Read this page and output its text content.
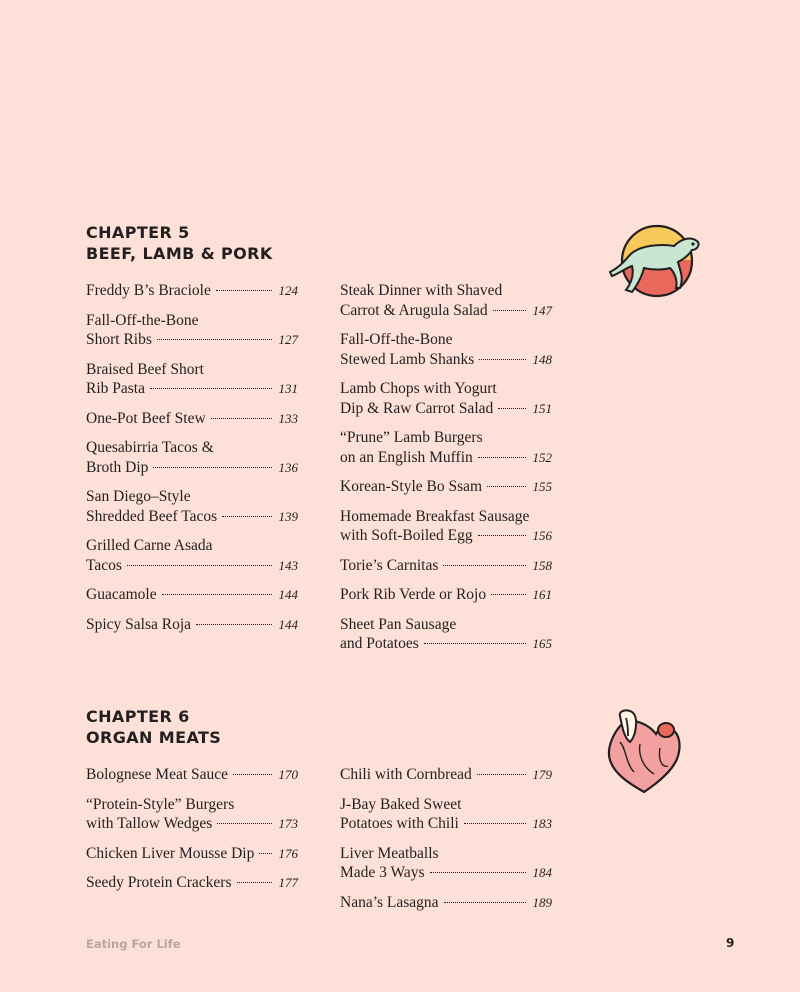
CHAPTER 5
BEEF, LAMB & PORK
Freddy B’s Braciole	124
Fall-Off-the-Bone
Short Ribs	127
Braised Beef Short
Rib Pasta	131
One-Pot Beef Stew	133
Quesabirria Tacos &
Broth Dip	136
San Diego–Style
Shredded Beef Tacos	139
Grilled Carne Asada
Tacos	143
Guacamole	144
Spicy Salsa Roja	144
Steak Dinner with Shaved
Carrot & Arugula Salad	147
Fall-Off-the-Bone
Stewed Lamb Shanks	148
Lamb Chops with Yogurt
Dip & Raw Carrot Salad	151
“Prune” Lamb Burgers
on an English Muffin	152
Korean-Style Bo Ssam	155
Homemade Breakfast Sausage
with Soft-Boiled Egg	156
Torie’s Carnitas	158
Pork Rib Verde or Rojo	161
Sheet Pan Sausage
and Potatoes	165
CHAPTER 6
ORGAN MEATS
Bolognese Meat Sauce	170
“Protein-Style” Burgers
with Tallow Wedges	173
Chicken Liver Mousse Dip 176
Seedy Protein Crackers	177
Chili with Cornbread	179
J-Bay Baked Sweet
Potatoes with Chili	183
Liver Meatballs
Made 3 Ways	184
Nana’s Lasagna	189
Eating For Life	9
